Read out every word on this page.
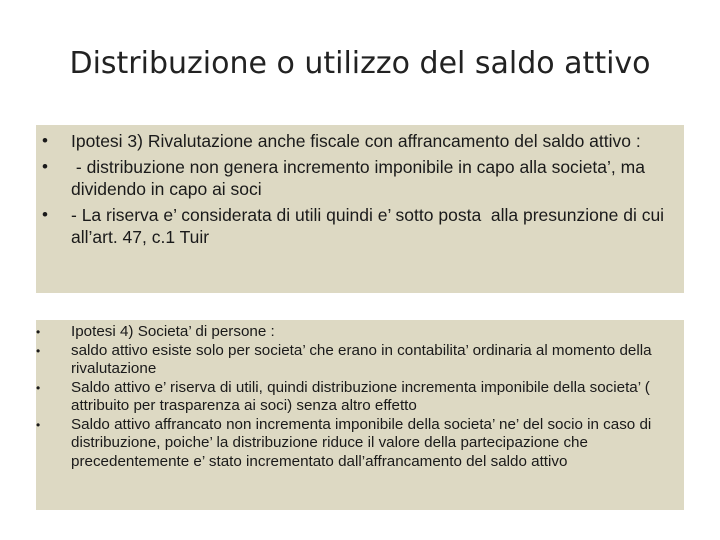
Distribuzione o utilizzo del saldo attivo
• Ipotesi 3) Rivalutazione anche fiscale con affrancamento del saldo attivo :
• - distribuzione non genera incremento imponibile in capo alla societa’, ma dividendo in capo ai soci
• - La riserva e’ considerata di utili quindi e’ sotto posta  alla presunzione di cui all’art. 47, c.1 Tuir
• Ipotesi 4) Societa’ di persone :
• saldo attivo esiste solo per societa’ che erano in contabilita’ ordinaria al momento della rivalutazione
• Saldo attivo e’ riserva di utili, quindi distribuzione incrementa imponibile della societa’ ( attribuito per trasparenza ai soci) senza altro effetto
• Saldo attivo affrancato non incrementa imponibile della societa’ ne’ del socio in caso di distribuzione, poiche’ la distribuzione riduce il valore della partecipazione che precedentemente e’ stato incrementato dall’affrancamento del saldo attivo
